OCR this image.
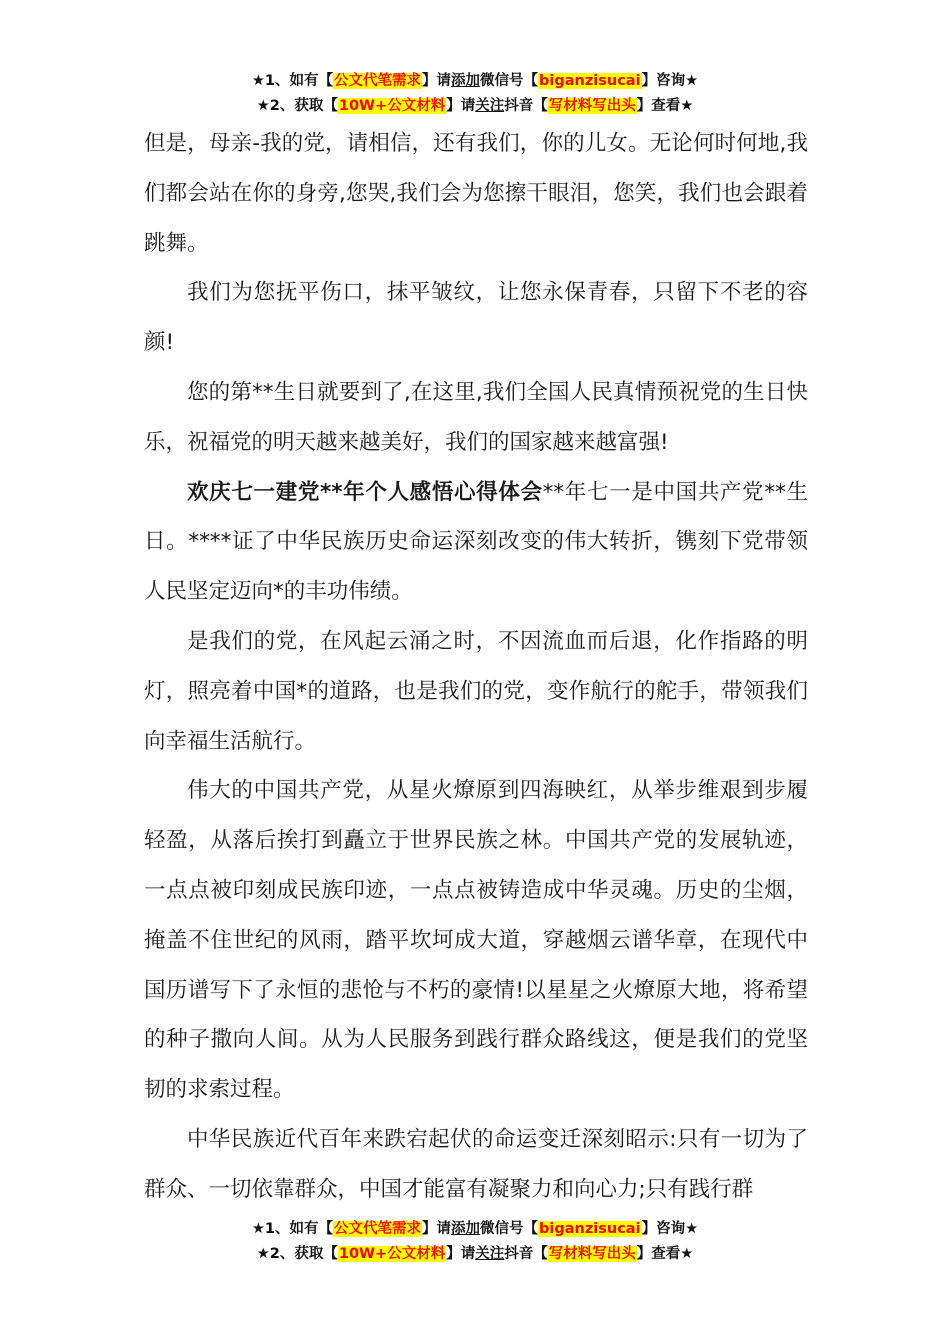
★1、如有【公文代笔需求】请添加微信号【biganzisucai】咨询★
★2、获取【10W+公文材料】请关注抖音【写材料写出头】查看★

但是，母亲-我的党，请相信，还有我们，你的儿女。无论何时何地,我们都会站在你的身旁,您哭,我们会为您擦干眼泪，您笑，我们也会跟着跳舞。

我们为您抚平伤口，抹平皱纹，让您永保青春，只留下不老的容颜!

您的第**生日就要到了,在这里,我们全国人民真情预祝党的生日快乐，祝福党的明天越来越美好，我们的国家越来越富强!

欢庆七一建党**年个人感悟心得体会**年七一是中国共产党**生日。****证了中华民族历史命运深刻改变的伟大转折，镌刻下党带领人民坚定迈向*的丰功伟绩。

是我们的党，在风起云涌之时，不因流血而后退，化作指路的明灯，照亮着中国*的道路，也是我们的党，变作航行的舵手，带领我们向幸福生活航行。

伟大的中国共产党，从星火燎原到四海映红，从举步维艰到步履轻盈，从落后挨打到矗立于世界民族之林。中国共产党的发展轨迹，一点点被印刻成民族印迹，一点点被铸造成中华灵魂。历史的尘烟，掩盖不住世纪的风雨，踏平坎坷成大道，穿越烟云谱华章，在现代中国历谱写下了永恒的悲怆与不朽的豪情!以星星之火燎原大地，将希望的种子撒向人间。从为人民服务到践行群众路线这，便是我们的党坚韧的求索过程。

中华民族近代百年来跌宕起伏的命运变迁深刻昭示:只有一切为了群众、一切依靠群众，中国才能富有凝聚力和向心力;只有践行群

★1、如有【公文代笔需求】请添加微信号【biganzisucai】咨询★
★2、获取【10W+公文材料】请关注抖音【写材料写出头】查看★
